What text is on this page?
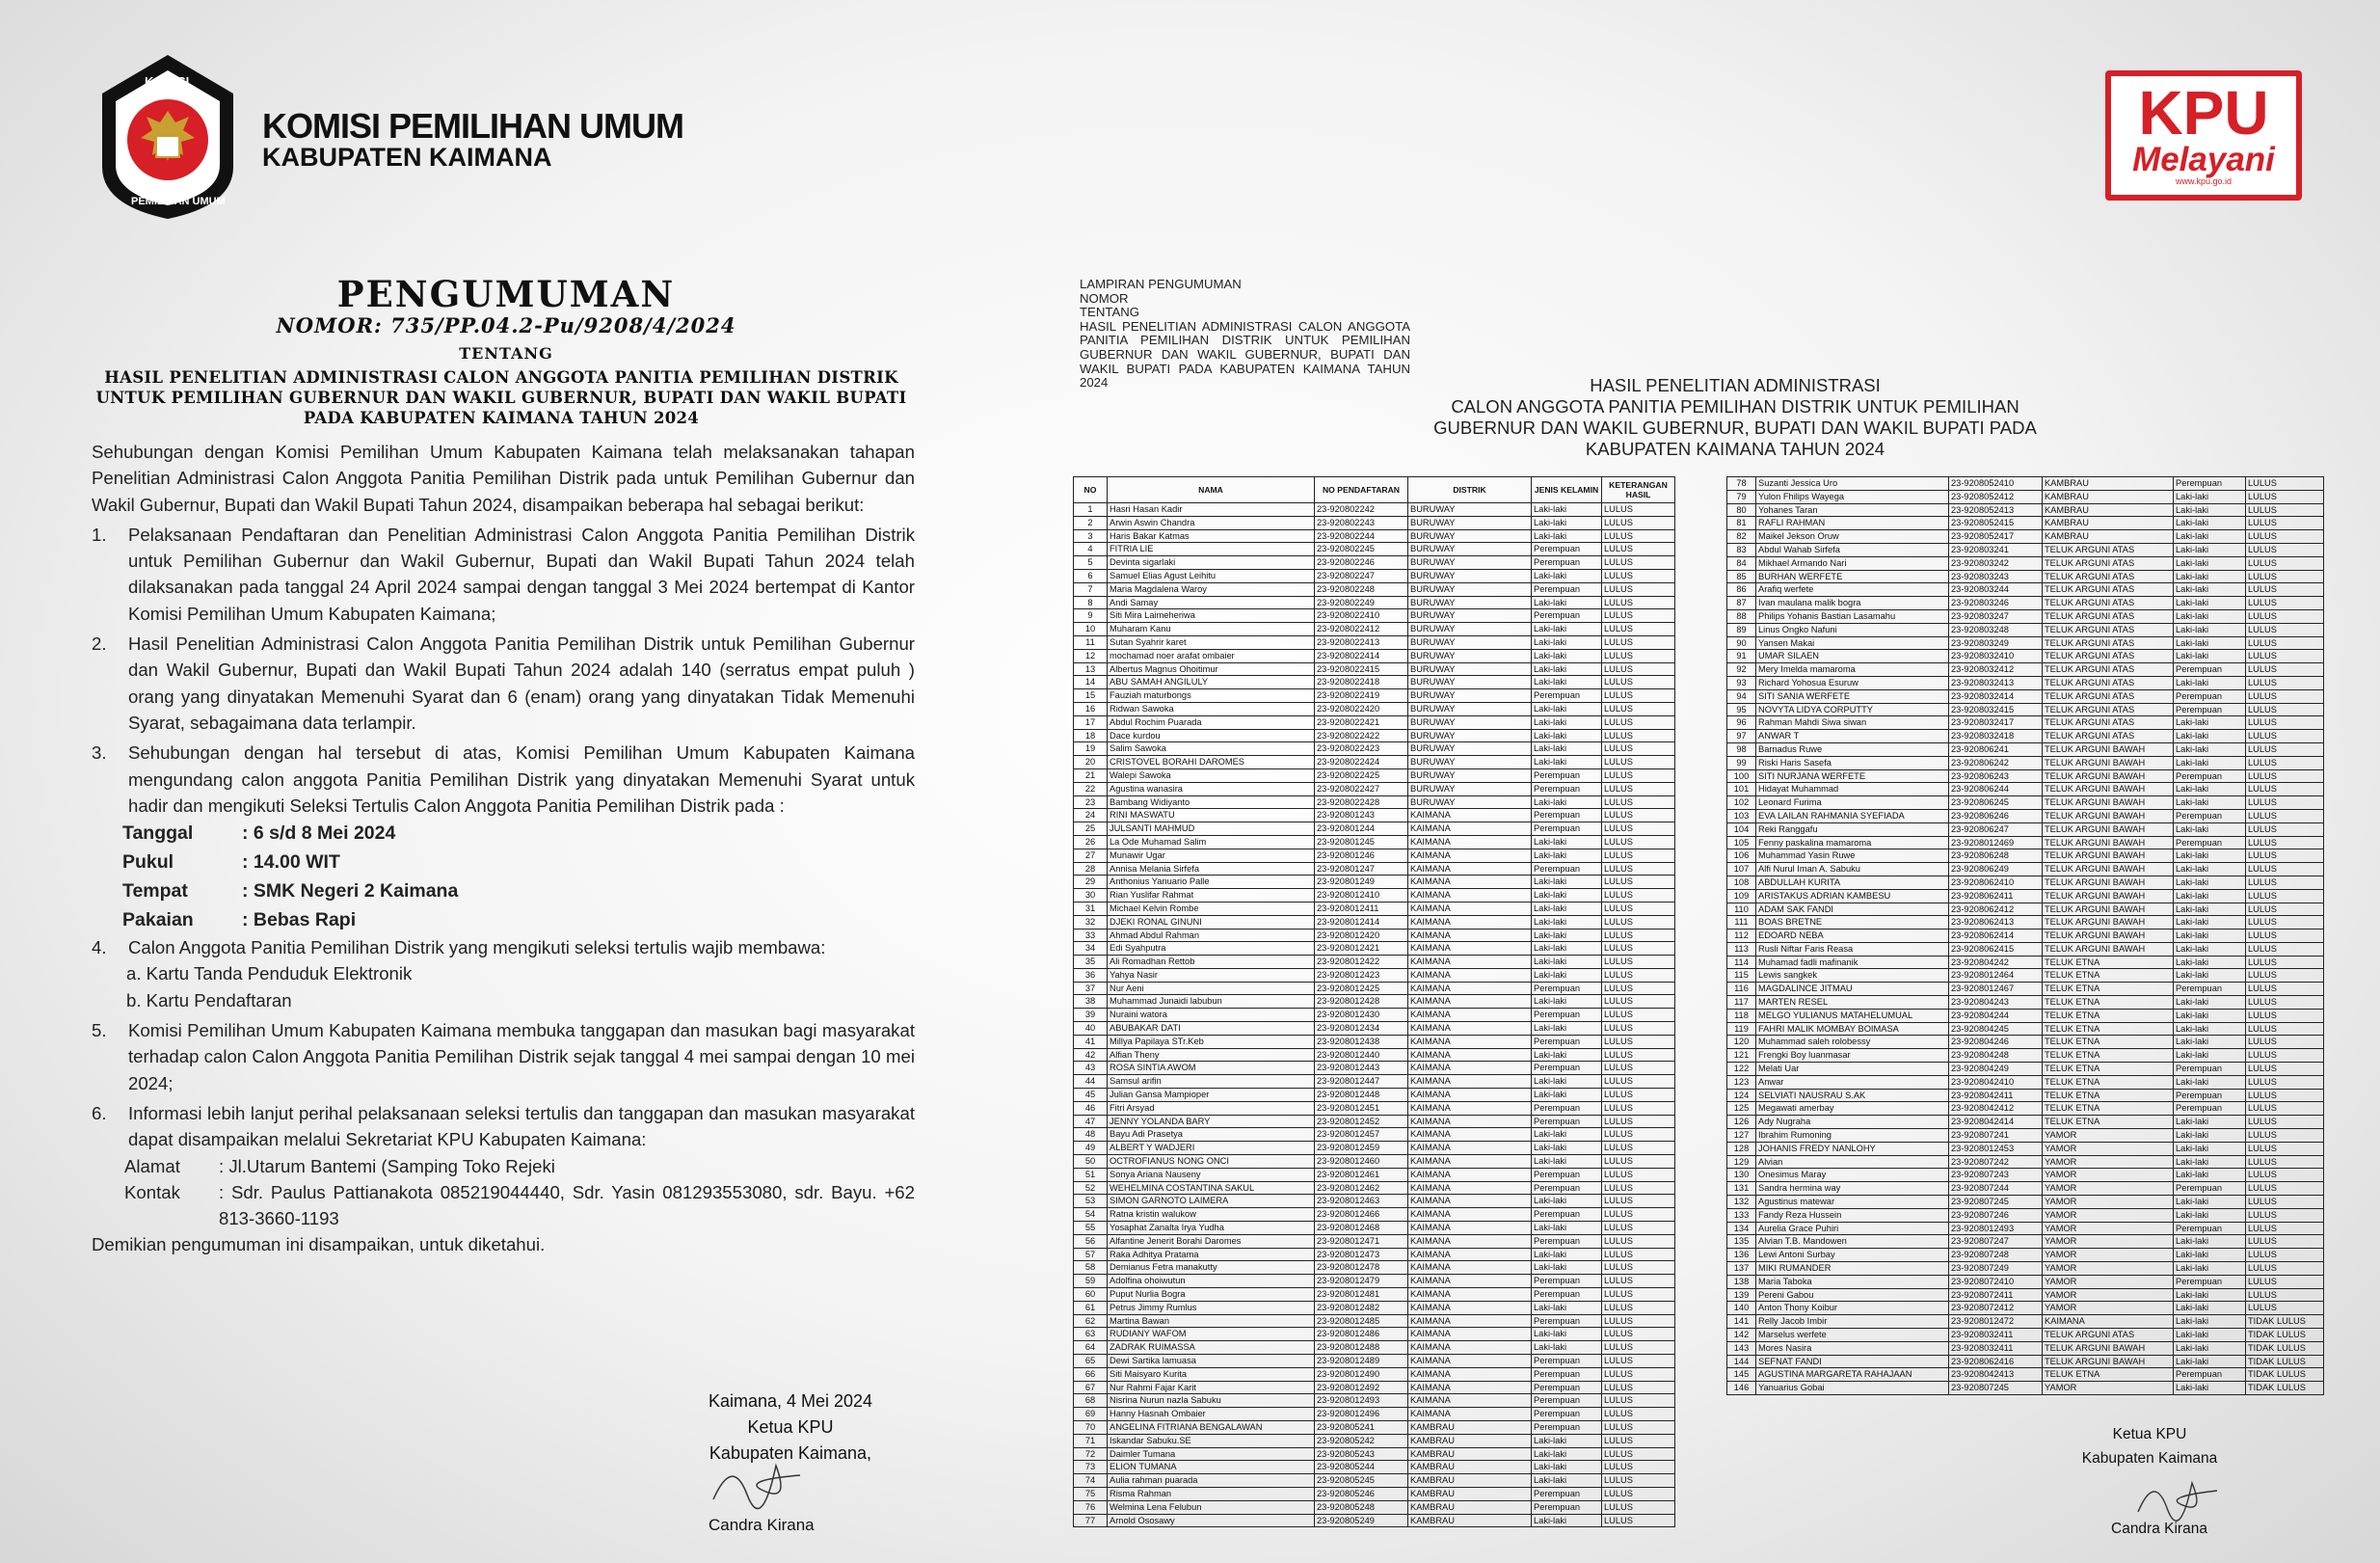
KOMISI
PEMILIHAN UMUM
KOMISI PEMILIHAN UMUM
KABUPATEN KAIMANA
KPU
Melayani
www.kpu.go.id
PENGUMUMAN
NOMOR: 735/PP.04.2-Pu/9208/4/2024
TENTANG
HASIL PENELITIAN ADMINISTRASI CALON ANGGOTA PANITIA PEMILIHAN DISTRIK
UNTUK PEMILIHAN GUBERNUR DAN WAKIL GUBERNUR, BUPATI DAN WAKIL BUPATI
PADA KABUPATEN KAIMANA TAHUN 2024

Sehubungan dengan Komisi Pemilihan Umum Kabupaten Kaimana telah melaksanakan tahapan Penelitian Administrasi Calon Anggota Panitia Pemilihan Distrik pada untuk Pemilihan Gubernur dan Wakil Gubernur, Bupati dan Wakil Bupati Tahun 2024, disampaikan beberapa hal sebagai berikut:

1.	Pelaksanaan Pendaftaran dan Penelitian Administrasi Calon Anggota Panitia Pemilihan Distrik untuk Pemilihan Gubernur dan Wakil Gubernur, Bupati dan Wakil Bupati Tahun 2024 telah dilaksanakan pada tanggal 24 April 2024 sampai dengan tanggal 3 Mei 2024 bertempat di Kantor Komisi Pemilihan Umum Kabupaten Kaimana;
2.	Hasil Penelitian Administrasi Calon Anggota Panitia Pemilihan Distrik untuk Pemilihan Gubernur dan Wakil Gubernur, Bupati dan Wakil Bupati Tahun 2024 adalah 140 (serratus empat puluh ) orang yang dinyatakan Memenuhi Syarat dan 6 (enam) orang yang dinyatakan Tidak Memenuhi Syarat, sebagaimana data terlampir.
3.	Sehubungan dengan hal tersebut di atas, Komisi Pemilihan Umum Kabupaten Kaimana mengundang calon anggota Panitia Pemilihan Distrik yang dinyatakan Memenuhi Syarat untuk hadir dan mengikuti Seleksi Tertulis Calon Anggota Panitia Pemilihan Distrik pada :
Tanggal	: 6 s/d 8 Mei 2024
Pukul	: 14.00 WIT
Tempat	: SMK Negeri 2 Kaimana
Pakaian	: Bebas Rapi
4.	Calon Anggota Panitia Pemilihan Distrik yang mengikuti seleksi tertulis wajib membawa:
a. Kartu Tanda Penduduk Elektronik
b. Kartu Pendaftaran
5.	Komisi Pemilihan Umum Kabupaten Kaimana membuka tanggapan dan masukan bagi masyarakat terhadap calon Calon Anggota Panitia Pemilihan Distrik sejak tanggal 4 mei sampai dengan 10 mei 2024;
6.	Informasi lebih lanjut perihal pelaksanaan seleksi tertulis dan tanggapan dan masukan masyarakat dapat disampaikan melalui Sekretariat KPU Kabupaten Kaimana:
Alamat	: Jl.Utarum Bantemi (Samping Toko Rejeki
Kontak	: Sdr. Paulus Pattianakota 085219044440, Sdr. Yasin 081293553080, sdr. Bayu. +62 813-3660-1193

Demikian pengumuman ini disampaikan, untuk diketahui.

Kaimana, 4 Mei 2024
Ketua KPU
Kabupaten Kaimana,
Candra Kirana
LAMPIRAN PENGUMUMAN
NOMOR
TENTANG
HASIL PENELITIAN ADMINISTRASI CALON ANGGOTA PANITIA PEMILIHAN DISTRIK UNTUK PEMILIHAN GUBERNUR DAN WAKIL GUBERNUR, BUPATI DAN WAKIL BUPATI PADA KABUPATEN KAIMANA TAHUN 2024	HASIL PENELITIAN ADMINISTRASI
CALON ANGGOTA PANITIA PEMILIHAN DISTRIK UNTUK PEMILIHAN
GUBERNUR DAN WAKIL GUBERNUR, BUPATI DAN WAKIL BUPATI PADA
KABUPATEN KAIMANA TAHUN 2024
NO	NAMA	NO PENDAFTARAN	DISTRIK	JENIS KELAMIN	KETERANGAN HASIL
1	Hasri Hasan Kadir	23-920802242	BURUWAY	Laki-laki	LULUS
2	Arwin Aswin Chandra	23-920802243	BURUWAY	Laki-laki	LULUS
3	Haris Bakar Katmas	23-920802244	BURUWAY	Laki-laki	LULUS
4	FITRIA LIE	23-920802245	BURUWAY	Perempuan	LULUS
5	Devinta sigarlaki	23-920802246	BURUWAY	Perempuan	LULUS
6	Samuel Elias Agust Leihitu	23-920802247	BURUWAY	Laki-laki	LULUS
7	Maria Magdalena Waroy	23-920802248	BURUWAY	Perempuan	LULUS
8	Andi Samay	23-920802249	BURUWAY	Laki-laki	LULUS
9	Siti Mira Laimeheriwa	23-9208022410	BURUWAY	Perempuan	LULUS
10	Muharam Kanu	23-9208022412	BURUWAY	Laki-laki	LULUS
11	Sutan Syahrir karet	23-9208022413	BURUWAY	Laki-laki	LULUS
12	mochamad noer arafat ombaier	23-9208022414	BURUWAY	Laki-laki	LULUS
13	Albertus Magnus Ohoitimur	23-9208022415	BURUWAY	Laki-laki	LULUS
14	ABU SAMAH ANGILULY	23-9208022418	BURUWAY	Laki-laki	LULUS
15	Fauziah maturbongs	23-9208022419	BURUWAY	Perempuan	LULUS
16	Ridwan Sawoka	23-9208022420	BURUWAY	Laki-laki	LULUS
17	Abdul Rochim Puarada	23-9208022421	BURUWAY	Laki-laki	LULUS
18	Dace kurdou	23-9208022422	BURUWAY	Laki-laki	LULUS
19	Salim Sawoka	23-9208022423	BURUWAY	Laki-laki	LULUS
20	CRISTOVEL BORAHI DAROMES	23-9208022424	BURUWAY	Laki-laki	LULUS
21	Walepi Sawoka	23-9208022425	BURUWAY	Perempuan	LULUS
22	Agustina wanasira	23-9208022427	BURUWAY	Perempuan	LULUS
23	Bambang Widiyanto	23-9208022428	BURUWAY	Laki-laki	LULUS
24	RINI MASWATU	23-920801243	KAIMANA	Perempuan	LULUS
25	JULSANTI MAHMUD	23-920801244	KAIMANA	Perempuan	LULUS
26	La Ode Muhamad Salim	23-920801245	KAIMANA	Laki-laki	LULUS
27	Munawir Ugar	23-920801246	KAIMANA	Laki-laki	LULUS
28	Annisa Melania Sirfefa	23-920801247	KAIMANA	Perempuan	LULUS
29	Anthonius Yanuario Palle	23-920801249	KAIMANA	Laki-laki	LULUS
30	Rian Yuslifar Rahmat	23-9208012410	KAIMANA	Laki-laki	LULUS
31	Michael Kelvin Rombe	23-9208012411	KAIMANA	Laki-laki	LULUS
32	DJEKI RONAL GINUNI	23-9208012414	KAIMANA	Laki-laki	LULUS
33	Ahmad Abdul Rahman	23-9208012420	KAIMANA	Laki-laki	LULUS
34	Edi Syahputra	23-9208012421	KAIMANA	Laki-laki	LULUS
35	Ali Romadhan Rettob	23-9208012422	KAIMANA	Laki-laki	LULUS
36	Yahya Nasir	23-9208012423	KAIMANA	Laki-laki	LULUS
37	Nur Aeni	23-9208012425	KAIMANA	Perempuan	LULUS
38	Muhammad Junaidi labubun	23-9208012428	KAIMANA	Laki-laki	LULUS
39	Nuraini watora	23-9208012430	KAIMANA	Perempuan	LULUS
40	ABUBAKAR DATI	23-9208012434	KAIMANA	Laki-laki	LULUS
41	Millya Papilaya STr.Keb	23-9208012438	KAIMANA	Perempuan	LULUS
42	Alfian Theny	23-9208012440	KAIMANA	Laki-laki	LULUS
43	ROSA SINTIA AWOM	23-9208012443	KAIMANA	Perempuan	LULUS
44	Samsul arifin	23-9208012447	KAIMANA	Laki-laki	LULUS
45	Julian Gansa Mampioper	23-9208012448	KAIMANA	Laki-laki	LULUS
46	Fitri Arsyad	23-9208012451	KAIMANA	Perempuan	LULUS
47	JENNY YOLANDA BARY	23-9208012452	KAIMANA	Perempuan	LULUS
48	Bayu Adi Prasetya	23-9208012457	KAIMANA	Laki-laki	LULUS
49	ALBERT Y WADJERI	23-9208012459	KAIMANA	Laki-laki	LULUS
50	OCTROFIANUS NONG ONCI	23-9208012460	KAIMANA	Laki-laki	LULUS
51	Sonya Ariana Nauseny	23-9208012461	KAIMANA	Perempuan	LULUS
52	WEHELMINA COSTANTINA SAKUL	23-9208012462	KAIMANA	Perempuan	LULUS
53	SIMON GARNOTO LAIMERA	23-9208012463	KAIMANA	Laki-laki	LULUS
54	Ratna kristin walukow	23-9208012466	KAIMANA	Perempuan	LULUS
55	Yosaphat Zanalta Irya Yudha	23-9208012468	KAIMANA	Laki-laki	LULUS
56	Alfantine Jenerit Borahi Daromes	23-9208012471	KAIMANA	Perempuan	LULUS
57	Raka Adhitya Pratama	23-9208012473	KAIMANA	Laki-laki	LULUS
58	Demianus Fetra manakutty	23-9208012478	KAIMANA	Laki-laki	LULUS
59	Adolfina ohoiwutun	23-9208012479	KAIMANA	Perempuan	LULUS
60	Puput Nurlia Bogra	23-9208012481	KAIMANA	Perempuan	LULUS
61	Petrus Jimmy Rumlus	23-9208012482	KAIMANA	Laki-laki	LULUS
62	Martina Bawan	23-9208012485	KAIMANA	Perempuan	LULUS
63	RUDIANY WAFOM	23-9208012486	KAIMANA	Laki-laki	LULUS
64	ZADRAK RUIMASSA	23-9208012488	KAIMANA	Laki-laki	LULUS
65	Dewi Sartika lamuasa	23-9208012489	KAIMANA	Perempuan	LULUS
66	Siti Maisyaro Kurita	23-9208012490	KAIMANA	Perempuan	LULUS
67	Nur Rahmi Fajar Karit	23-9208012492	KAIMANA	Perempuan	LULUS
68	Nisrina Nurun nazla Sabuku	23-9208012493	KAIMANA	Perempuan	LULUS
69	Hanny Hasnah Ombaier	23-9208012496	KAIMANA	Perempuan	LULUS
70	ANGELINA FITRIANA BENGALAWAN	23-920805241	KAMBRAU	Perempuan	LULUS
71	Iskandar Sabuku.SE	23-920805242	KAMBRAU	Laki-laki	LULUS
72	Daimler Tumana	23-920805243	KAMBRAU	Laki-laki	LULUS
73	ELION TUMANA	23-920805244	KAMBRAU	Laki-laki	LULUS
74	Aulia rahman puarada	23-920805245	KAMBRAU	Laki-laki	LULUS
75	Risma Rahman	23-920805246	KAMBRAU	Perempuan	LULUS
76	Welmina Lena Felubun	23-920805248	KAMBRAU	Perempuan	LULUS
77	Arnold Ososawy	23-920805249	KAMBRAU	Laki-laki	LULUS
78	Suzanti Jessica Uro	23-9208052410	KAMBRAU	Perempuan	LULUS
79	Yulon Fhilips Wayega	23-9208052412	KAMBRAU	Laki-laki	LULUS
80	Yohanes Taran	23-9208052413	KAMBRAU	Laki-laki	LULUS
81	RAFLI RAHMAN	23-9208052415	KAMBRAU	Laki-laki	LULUS
82	Maikel Jekson Oruw	23-9208052417	KAMBRAU	Laki-laki	LULUS
83	Abdul Wahab Sirfefa	23-920803241	TELUK ARGUNI ATAS	Laki-laki	LULUS
84	Mikhael Armando Nari	23-920803242	TELUK ARGUNI ATAS	Laki-laki	LULUS
85	BURHAN WERFETE	23-920803243	TELUK ARGUNI ATAS	Laki-laki	LULUS
86	Arafiq werfete	23-920803244	TELUK ARGUNI ATAS	Laki-laki	LULUS
87	Ivan maulana malik bogra	23-920803246	TELUK ARGUNI ATAS	Laki-laki	LULUS
88	Philips Yohanis Bastian Lasamahu	23-920803247	TELUK ARGUNI ATAS	Laki-laki	LULUS
89	Linus Ongko Nafuni	23-920803248	TELUK ARGUNI ATAS	Laki-laki	LULUS
90	Yansen Makai	23-920803249	TELUK ARGUNI ATAS	Laki-laki	LULUS
91	UMAR SILAEN	23-9208032410	TELUK ARGUNI ATAS	Laki-laki	LULUS
92	Mery Imelda mamaroma	23-9208032412	TELUK ARGUNI ATAS	Perempuan	LULUS
93	Richard Yohosua Esuruw	23-9208032413	TELUK ARGUNI ATAS	Laki-laki	LULUS
94	SITI SANIA WERFETE	23-9208032414	TELUK ARGUNI ATAS	Perempuan	LULUS
95	NOVYTA LIDYA CORPUTTY	23-9208032415	TELUK ARGUNI ATAS	Perempuan	LULUS
96	Rahman Mahdi Siwa siwan	23-9208032417	TELUK ARGUNI ATAS	Laki-laki	LULUS
97	ANWAR T	23-9208032418	TELUK ARGUNI ATAS	Laki-laki	LULUS
98	Barnadus Ruwe	23-920806241	TELUK ARGUNI BAWAH	Laki-laki	LULUS
99	Riski Haris Sasefa	23-920806242	TELUK ARGUNI BAWAH	Laki-laki	LULUS
100	SITI NURJANA WERFETE	23-920806243	TELUK ARGUNI BAWAH	Perempuan	LULUS
101	Hidayat Muhammad	23-920806244	TELUK ARGUNI BAWAH	Laki-laki	LULUS
102	Leonard Furima	23-920806245	TELUK ARGUNI BAWAH	Laki-laki	LULUS
103	EVA LAILAN RAHMANIA SYEFIADA	23-920806246	TELUK ARGUNI BAWAH	Perempuan	LULUS
104	Reki Ranggafu	23-920806247	TELUK ARGUNI BAWAH	Laki-laki	LULUS
105	Fenny paskalina mamaroma	23-9208012469	TELUK ARGUNI BAWAH	Perempuan	LULUS
106	Muhammad Yasin Ruwe	23-920806248	TELUK ARGUNI BAWAH	Laki-laki	LULUS
107	Alfi Nurul Iman A. Sabuku	23-920806249	TELUK ARGUNI BAWAH	Laki-laki	LULUS
108	ABDULLAH KURITA	23-9208062410	TELUK ARGUNI BAWAH	Laki-laki	LULUS
109	ARISTAKUS ADRIAN KAMBESU	23-9208062411	TELUK ARGUNI BAWAH	Laki-laki	LULUS
110	ADAM SAK FANDI	23-9208062412	TELUK ARGUNI BAWAH	Laki-laki	LULUS
111	BOAS BRETNE	23-9208062413	TELUK ARGUNI BAWAH	Laki-laki	LULUS
112	EDOARD NEBA	23-9208062414	TELUK ARGUNI BAWAH	Laki-laki	LULUS
113	Rusli Niftar Faris Reasa	23-9208062415	TELUK ARGUNI BAWAH	Laki-laki	LULUS
114	Muhamad fadli mafinanik	23-920804242	TELUK ETNA	Laki-laki	LULUS
115	Lewis sangkek	23-9208012464	TELUK ETNA	Laki-laki	LULUS
116	MAGDALINCE JITMAU	23-9208012467	TELUK ETNA	Perempuan	LULUS
117	MARTEN RESEL	23-920804243	TELUK ETNA	Laki-laki	LULUS
118	MELGO YULIANUS MATAHELUMUAL	23-920804244	TELUK ETNA	Laki-laki	LULUS
119	FAHRI MALIK MOMBAY BOIMASA	23-920804245	TELUK ETNA	Laki-laki	LULUS
120	Muhammad saleh rolobessy	23-920804246	TELUK ETNA	Laki-laki	LULUS
121	Frengki Boy luanmasar	23-920804248	TELUK ETNA	Laki-laki	LULUS
122	Melati Uar	23-920804249	TELUK ETNA	Perempuan	LULUS
123	Anwar	23-9208042410	TELUK ETNA	Laki-laki	LULUS
124	SELVIATI NAUSRAU S.AK	23-9208042411	TELUK ETNA	Perempuan	LULUS
125	Megawati amerbay	23-9208042412	TELUK ETNA	Perempuan	LULUS
126	Ady Nugraha	23-9208042414	TELUK ETNA	Laki-laki	LULUS
127	Ibrahim Rumoning	23-920807241	YAMOR	Laki-laki	LULUS
128	JOHANIS FREDY NANLOHY	23-9208012453	YAMOR	Laki-laki	LULUS
129	Alvian	23-920807242	YAMOR	Laki-laki	LULUS
130	Onesimus Maray	23-920807243	YAMOR	Laki-laki	LULUS
131	Sandra hermina way	23-920807244	YAMOR	Perempuan	LULUS
132	Agustinus matewar	23-920807245	YAMOR	Laki-laki	LULUS
133	Fandy Reza Hussein	23-920807246	YAMOR	Laki-laki	LULUS
134	Aurelia Grace Puhiri	23-9208012493	YAMOR	Perempuan	LULUS
135	Alvian T.B. Mandowen	23-920807247	YAMOR	Laki-laki	LULUS
136	Lewi Antoni Surbay	23-920807248	YAMOR	Laki-laki	LULUS
137	MIKI RUMANDER	23-920807249	YAMOR	Laki-laki	LULUS
138	Maria Taboka	23-9208072410	YAMOR	Perempuan	LULUS
139	Pereni Gabou	23-9208072411	YAMOR	Laki-laki	LULUS
140	Anton Thony Koibur	23-9208072412	YAMOR	Laki-laki	LULUS
141	Relly Jacob Imbir	23-9208012472	KAIMANA	Laki-laki	TIDAK LULUS
142	Marselus werfete	23-9208032411	TELUK ARGUNI ATAS	Laki-laki	TIDAK LULUS
143	Mores Nasira	23-9208032411	TELUK ARGUNI BAWAH	Laki-laki	TIDAK LULUS
144	SEFNAT FANDI	23-9208062416	TELUK ARGUNI BAWAH	Laki-laki	TIDAK LULUS
145	AGUSTINA MARGARETA RAHAJAAN	23-9208042413	TELUK ETNA	Perempuan	TIDAK LULUS
146	Yanuarius Gobai	23-920807245	YAMOR	Laki-laki	TIDAK LULUS
Ketua KPU
Kabupaten Kaimana
Candra Kirana
